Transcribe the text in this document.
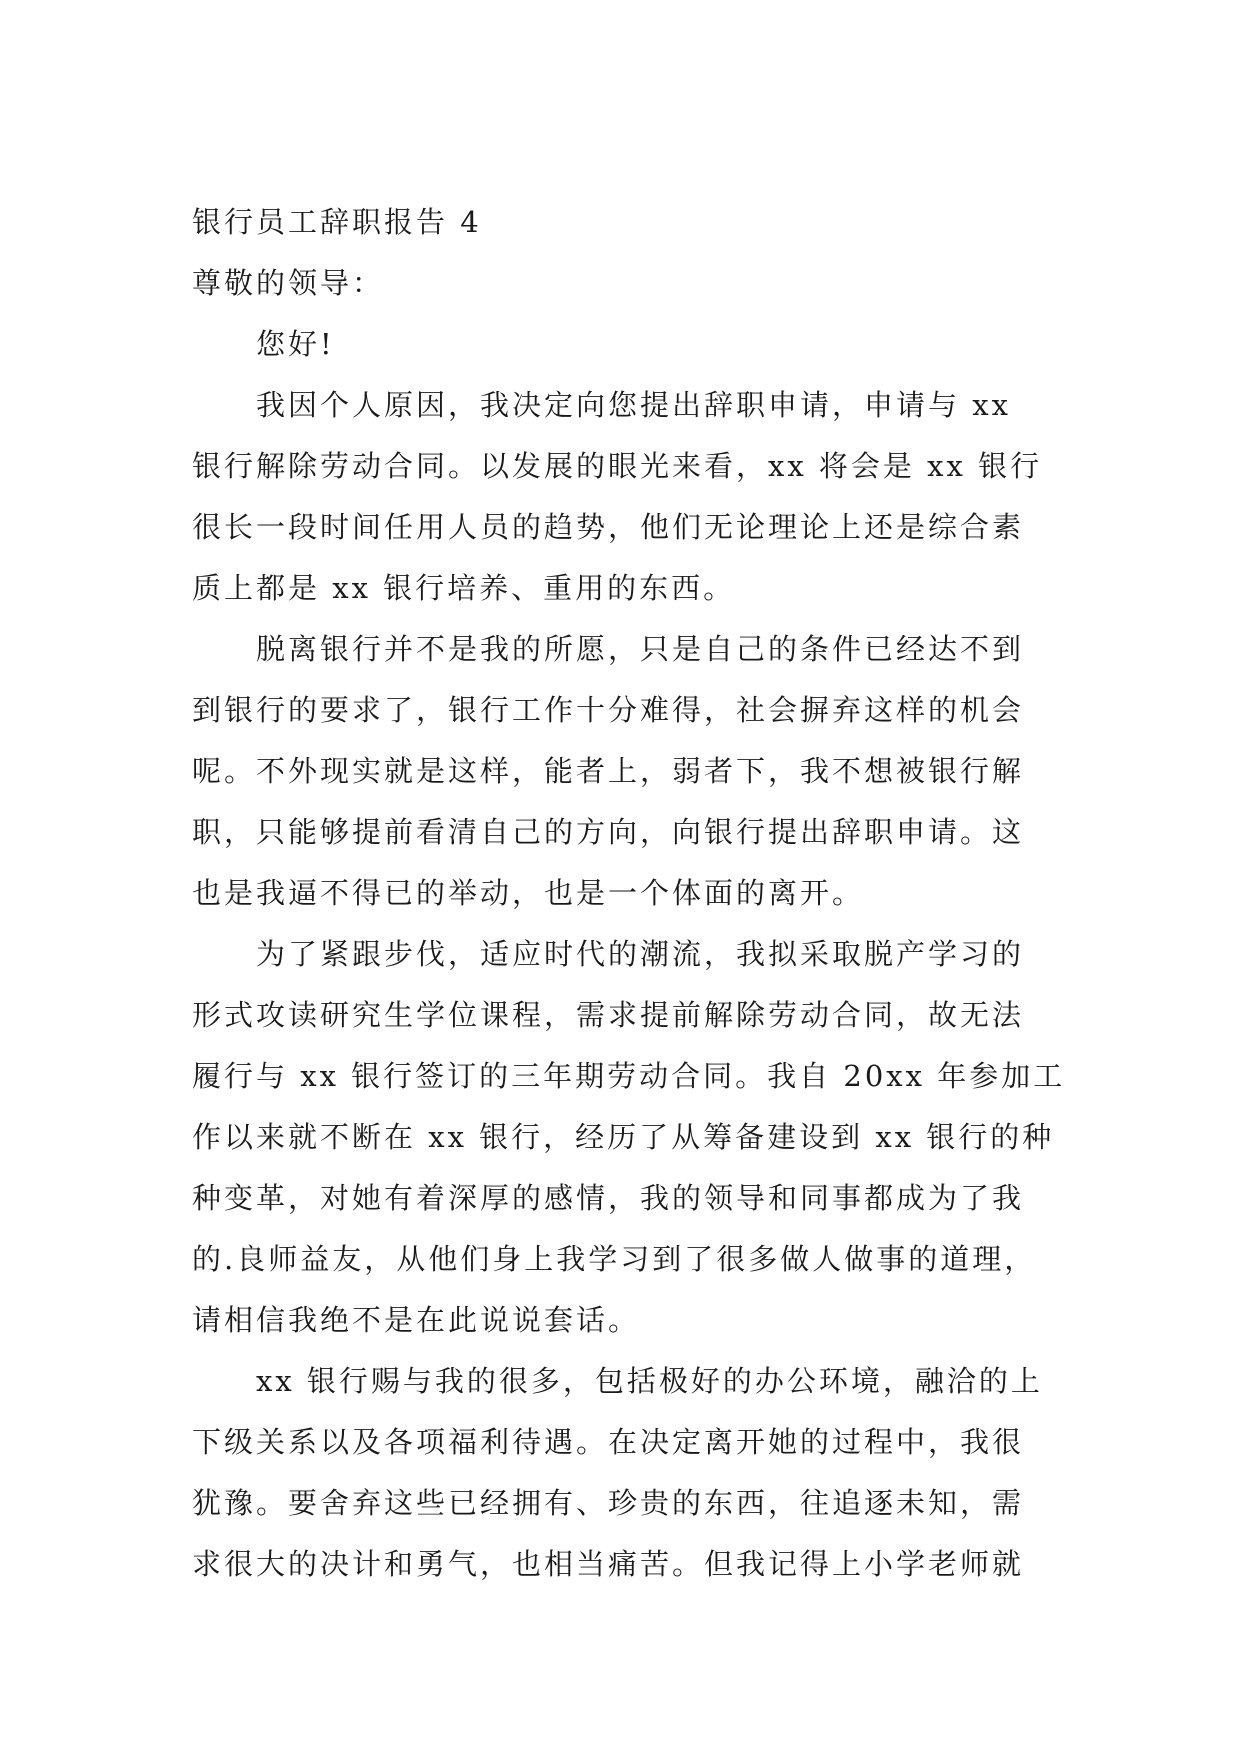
银行员工辞职报告 4
尊敬的领导：
您好!
我因个人原因，我决定向您提出辞职申请，申请与 xx
银行解除劳动合同。以发展的眼光来看，xx 将会是 xx 银行
很长一段时间任用人员的趋势，他们无论理论上还是综合素
质上都是 xx 银行培养、重用的东西。
脱离银行并不是我的所愿，只是自己的条件已经达不到
到银行的要求了，银行工作十分难得，社会摒弃这样的机会
呢。不外现实就是这样，能者上，弱者下，我不想被银行解
职，只能够提前看清自己的方向，向银行提出辞职申请。这
也是我逼不得已的举动，也是一个体面的离开。
为了紧跟步伐，适应时代的潮流，我拟采取脱产学习的
形式攻读研究生学位课程，需求提前解除劳动合同，故无法
履行与 xx 银行签订的三年期劳动合同。我自 20xx 年参加工
作以来就不断在 xx 银行，经历了从筹备建设到 xx 银行的种
种变革，对她有着深厚的感情，我的领导和同事都成为了我
的.良师益友，从他们身上我学习到了很多做人做事的道理，
请相信我绝不是在此说说套话。
xx 银行赐与我的很多，包括极好的办公环境，融洽的上
下级关系以及各项福利待遇。在决定离开她的过程中，我很
犹豫。要舍弃这些已经拥有、珍贵的东西，往追逐未知，需
求很大的决计和勇气，也相当痛苦。但我记得上小学老师就
